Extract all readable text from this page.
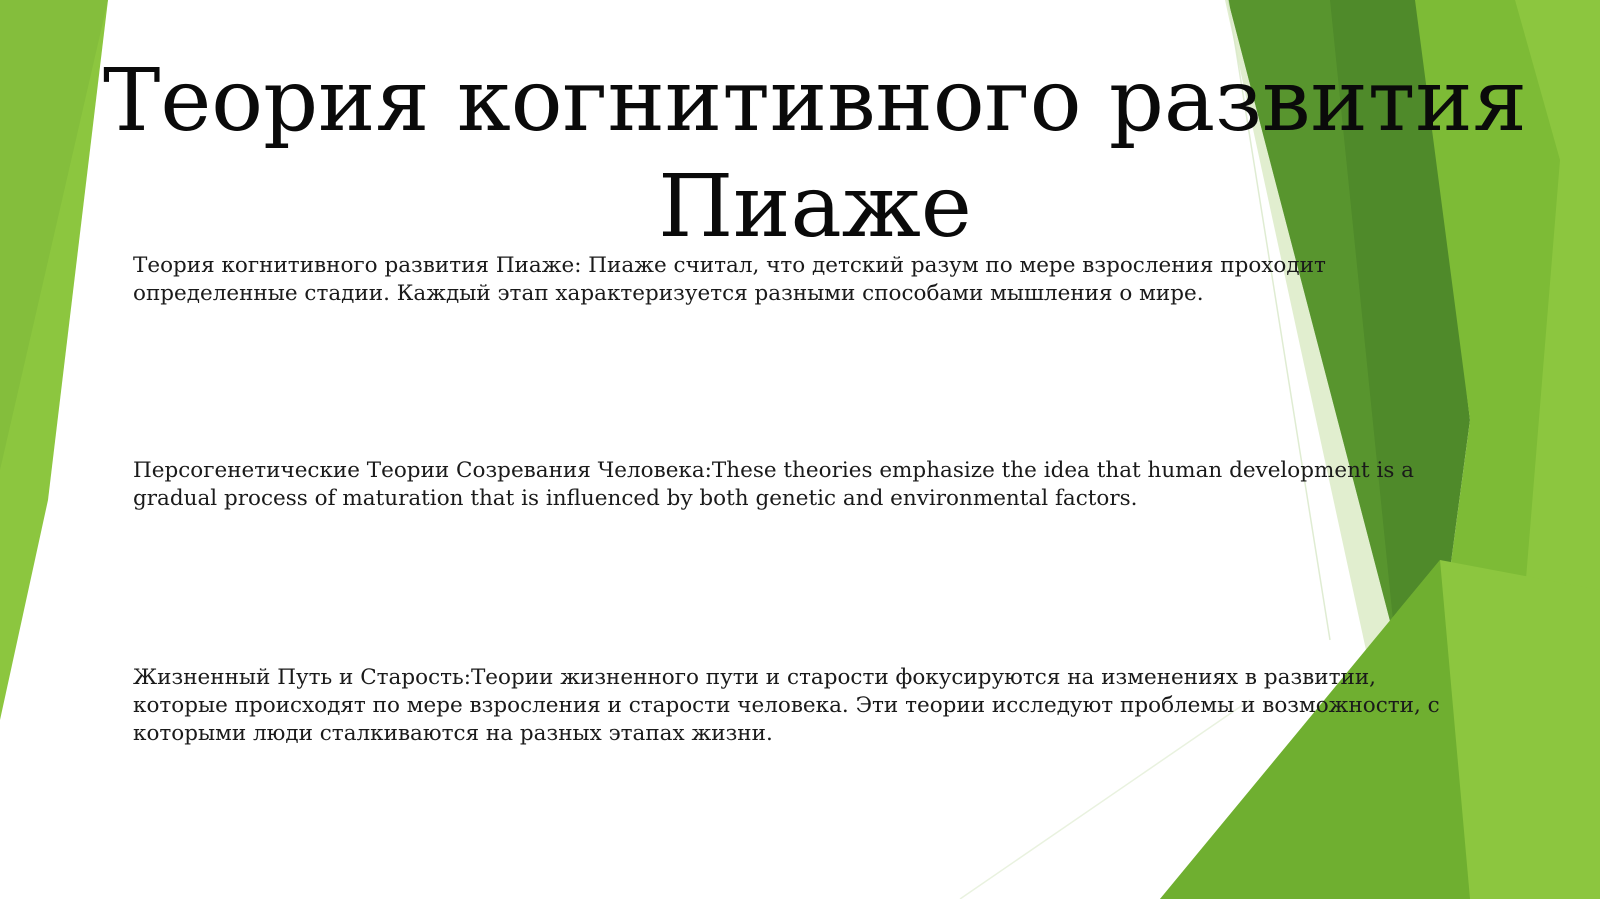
Теория когнитивного развития
Пиаже

Теория когнитивного развития Пиаже: Пиаже считал, что детский разум по мере взросления проходит
определенные стадии. Каждый этап характеризуется разными способами мышления о мире.

Персогенетические Теории Созревания Человека:These theories emphasize the idea that human development is a
gradual process of maturation that is influenced by both genetic and environmental factors.

Жизненный Путь и Старость:Теории жизненного пути и старости фокусируются на изменениях в развитии,
которые происходят по мере взросления и старости человека. Эти теории исследуют проблемы и возможности, с
которыми люди сталкиваются на разных этапах жизни.
